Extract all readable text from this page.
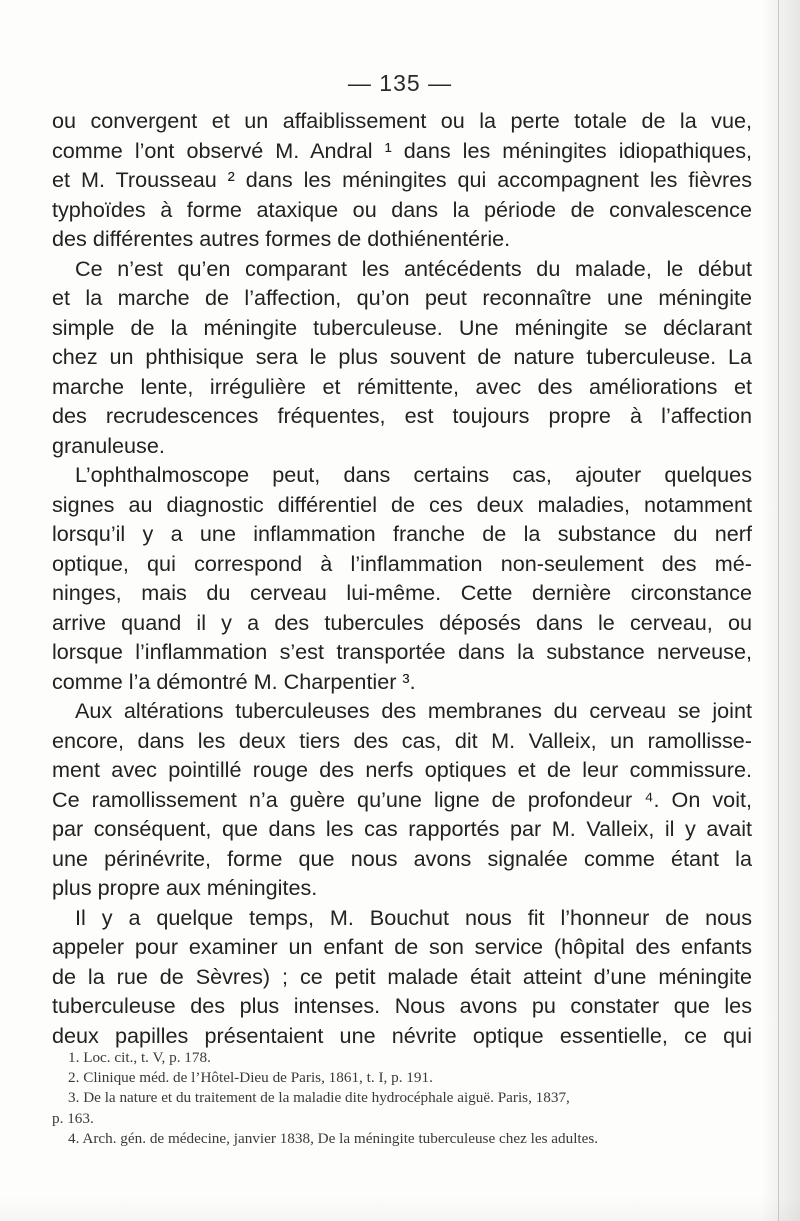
— 135 —
ou convergent et un affaiblissement ou la perte totale de la vue,
comme l’ont observé M. Andral ¹ dans les méningites idiopathiques,
et M. Trousseau ² dans les méningites qui accompagnent les fièvres
typhoïdes à forme ataxique ou dans la période de convalescence
des différentes autres formes de dothiénentérie.
Ce n’est qu’en comparant les antécédents du malade, le début
et la marche de l’affection, qu’on peut reconnaître une méningite
simple de la méningite tuberculeuse. Une méningite se déclarant
chez un phthisique sera le plus souvent de nature tuberculeuse. La
marche lente, irrégulière et rémittente, avec des améliorations et
des recrudescences fréquentes, est toujours propre à l’affection
granuleuse.
L’ophthalmoscope peut, dans certains cas, ajouter quelques
signes au diagnostic différentiel de ces deux maladies, notamment
lorsqu’il y a une inflammation franche de la substance du nerf
optique, qui correspond à l’inflammation non-seulement des mé-
ninges, mais du cerveau lui-même. Cette dernière circonstance
arrive quand il y a des tubercules déposés dans le cerveau, ou
lorsque l’inflammation s’est transportée dans la substance nerveuse,
comme l’a démontré M. Charpentier ³.
Aux altérations tuberculeuses des membranes du cerveau se joint
encore, dans les deux tiers des cas, dit M. Valleix, un ramollisse-
ment avec pointillé rouge des nerfs optiques et de leur commissure.
Ce ramollissement n’a guère qu’une ligne de profondeur ⁴. On voit,
par conséquent, que dans les cas rapportés par M. Valleix, il y avait
une périnévrite, forme que nous avons signalée comme étant la
plus propre aux méningites.
Il y a quelque temps, M. Bouchut nous fit l’honneur de nous
appeler pour examiner un enfant de son service (hôpital des enfants
de la rue de Sèvres) ; ce petit malade était atteint d’une méningite
tuberculeuse des plus intenses. Nous avons pu constater que les
deux papilles présentaient une névrite optique essentielle, ce qui
1. Loc. cit., t. V, p. 178.
2. Clinique méd. de l’Hôtel-Dieu de Paris, 1861, t. I, p. 191.
3. De la nature et du traitement de la maladie dite hydrocéphale aiguë. Paris, 1837,
p. 163.
4. Arch. gén. de médecine, janvier 1838, De la méningite tuberculeuse chez les adultes.
